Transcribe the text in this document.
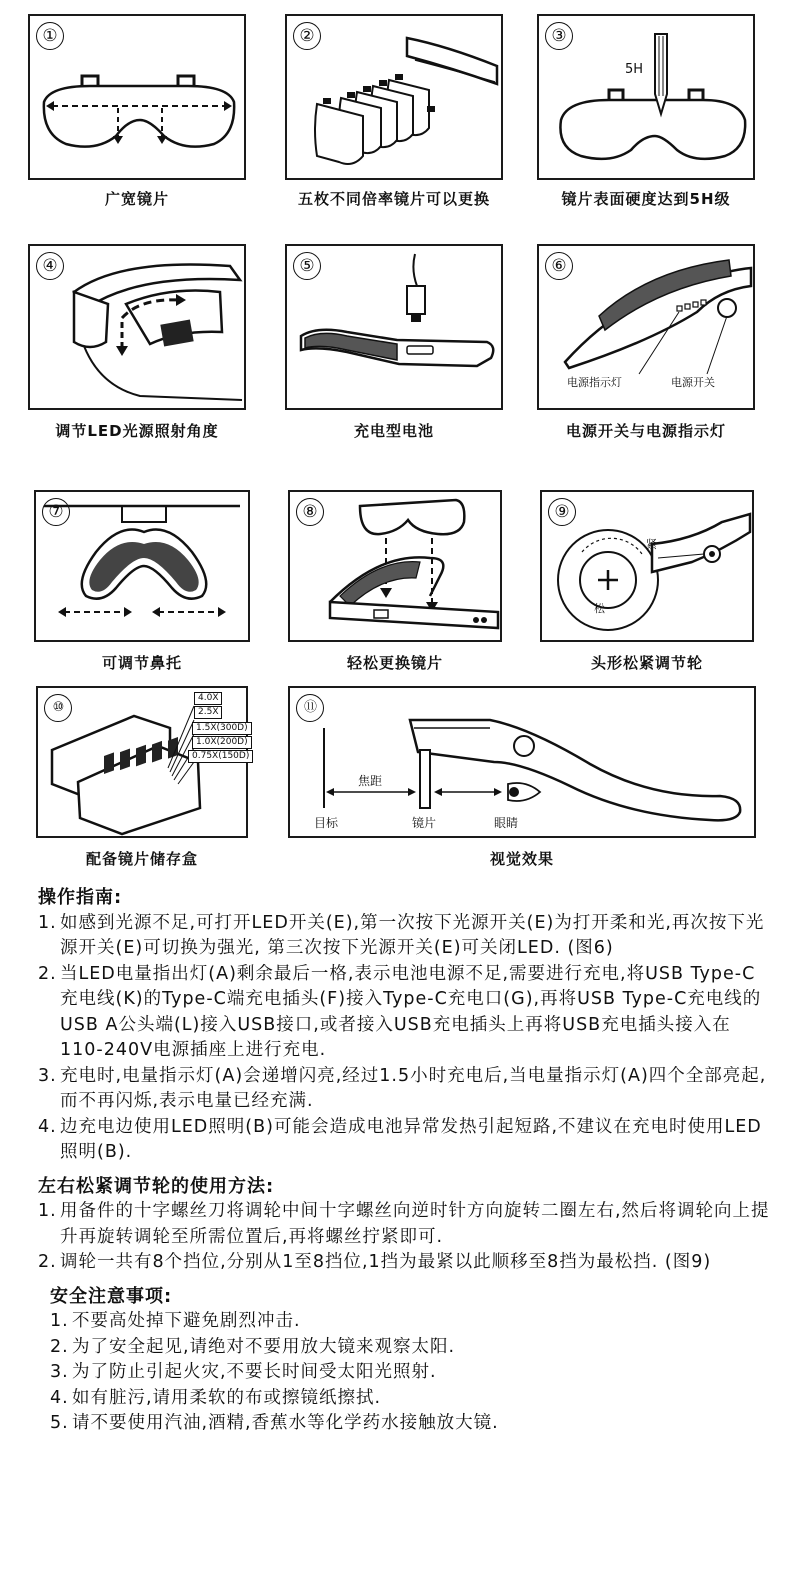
①
广宽镜片
②
五枚不同倍率镜片可以更换
③
5H
镜片表面硬度达到5H级
④
调节LED光源照射角度
⑤
充电型电池
⑥
电源指示灯	电源开关
电源开关与电源指示灯
⑦
可调节鼻托
⑧
轻松更换镜片
⑨
紧
松
头形松紧调节轮
⑩
4.0X
2.5X
1.5X(300D)
1.0X(200D)
0.75X(150D)
配备镜片储存盒
⑪
焦距
目标	镜片	眼睛
视觉效果

操作指南:

1. 如感到光源不足,可打开LED开关(E),第一次按下光源开关(E)为打开柔和光,再次按下光源开关(E)可切换为强光, 第三次按下光源开关(E)可关闭LED. (图6)
2. 当LED电量指出灯(A)剩余最后一格,表示电池电源不足,需要进行充电,将USB Type-C充电线(K)的Type-C端充电插头(F)接入Type-C充电口(G),再将USB Type-C充电线的USB A公头端(L)接入USB接口,或者接入USB充电插头上再将USB充电插头接入在110-240V电源插座上进行充电.
3. 充电时,电量指示灯(A)会递增闪亮,经过1.5小时充电后,当电量指示灯(A)四个全部亮起,而不再闪烁,表示电量已经充满.
4. 边充电边使用LED照明(B)可能会造成电池异常发热引起短路,不建议在充电时使用LED照明(B).

左右松紧调节轮的使用方法:

1. 用备件的十字螺丝刀将调轮中间十字螺丝向逆时针方向旋转二圈左右,然后将调轮向上提升再旋转调轮至所需位置后,再将螺丝拧紧即可.
2. 调轮一共有8个挡位,分别从1至8挡位,1挡为最紧以此顺移至8挡为最松挡. (图9)

安全注意事项:

1. 不要高处掉下避免剧烈冲击.
2. 为了安全起见,请绝对不要用放大镜来观察太阳.
3. 为了防止引起火灾,不要长时间受太阳光照射.
4. 如有脏污,请用柔软的布或擦镜纸擦拭.
5. 请不要使用汽油,酒精,香蕉水等化学药水接触放大镜.
